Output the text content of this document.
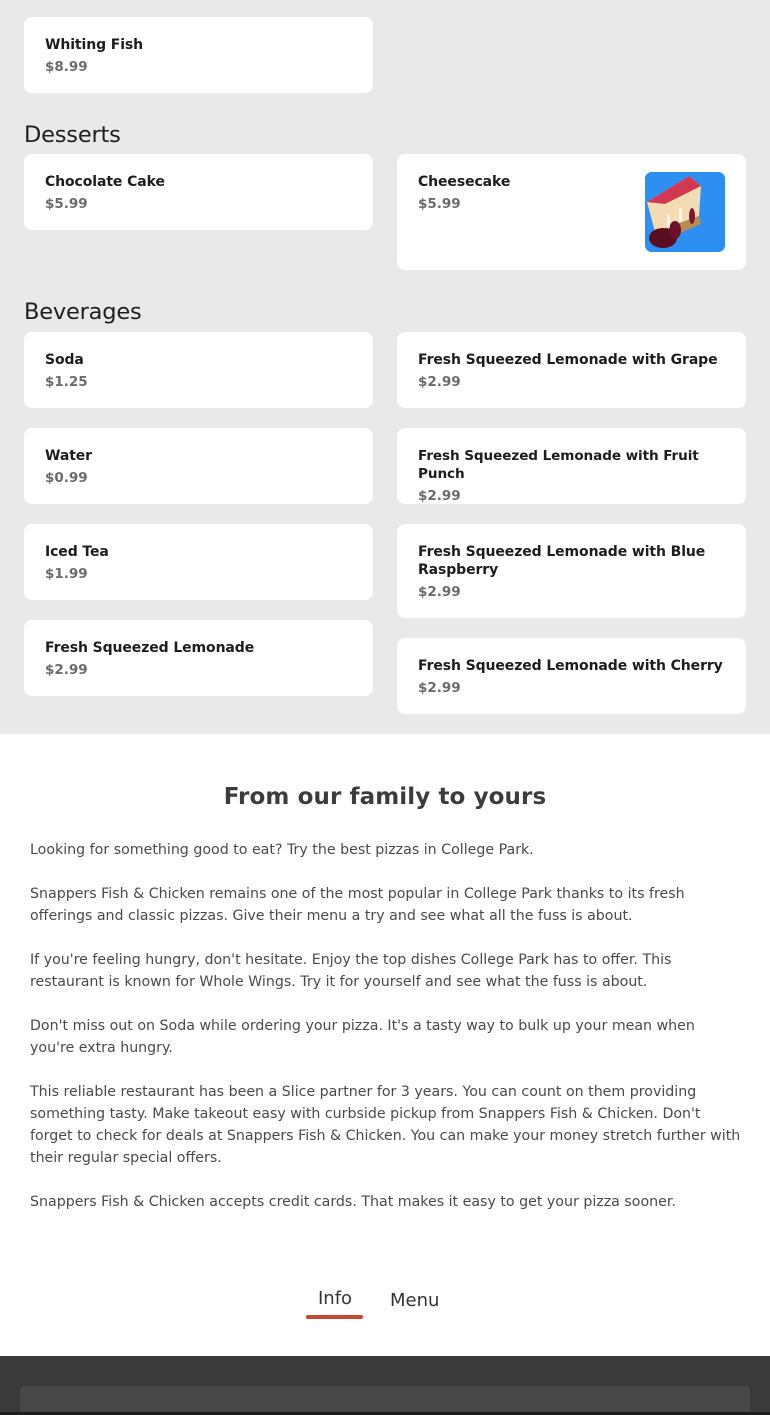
Whiting Fish
$8.99
Desserts
Chocolate Cake
$5.99
Cheesecake
$5.99
Beverages
Soda
$1.25
Water
$0.99
Iced Tea
$1.99
Fresh Squeezed Lemonade
$2.99
Fresh Squeezed Lemonade with Grape
$2.99
Fresh Squeezed Lemonade with Fruit Punch
$2.99
Fresh Squeezed Lemonade with Blue Raspberry
$2.99
Fresh Squeezed Lemonade with Cherry
$2.99
From our family to yours

Looking for something good to eat? Try the best pizzas in College Park.

Snappers Fish & Chicken remains one of the most popular in College Park thanks to its fresh offerings and classic pizzas. Give their menu a try and see what all the fuss is about.

If you're feeling hungry, don't hesitate. Enjoy the top dishes College Park has to offer. This restaurant is known for Whole Wings. Try it for yourself and see what the fuss is about.

Don't miss out on Soda while ordering your pizza. It's a tasty way to bulk up your mean when you're extra hungry.

This reliable restaurant has been a Slice partner for 3 years. You can count on them providing something tasty. Make takeout easy with curbside pickup from Snappers Fish & Chicken. Don't forget to check for deals at Snappers Fish & Chicken. You can make your money stretch further with their regular special offers.

Snappers Fish & Chicken accepts credit cards. That makes it easy to get your pizza sooner.

Info Menu
